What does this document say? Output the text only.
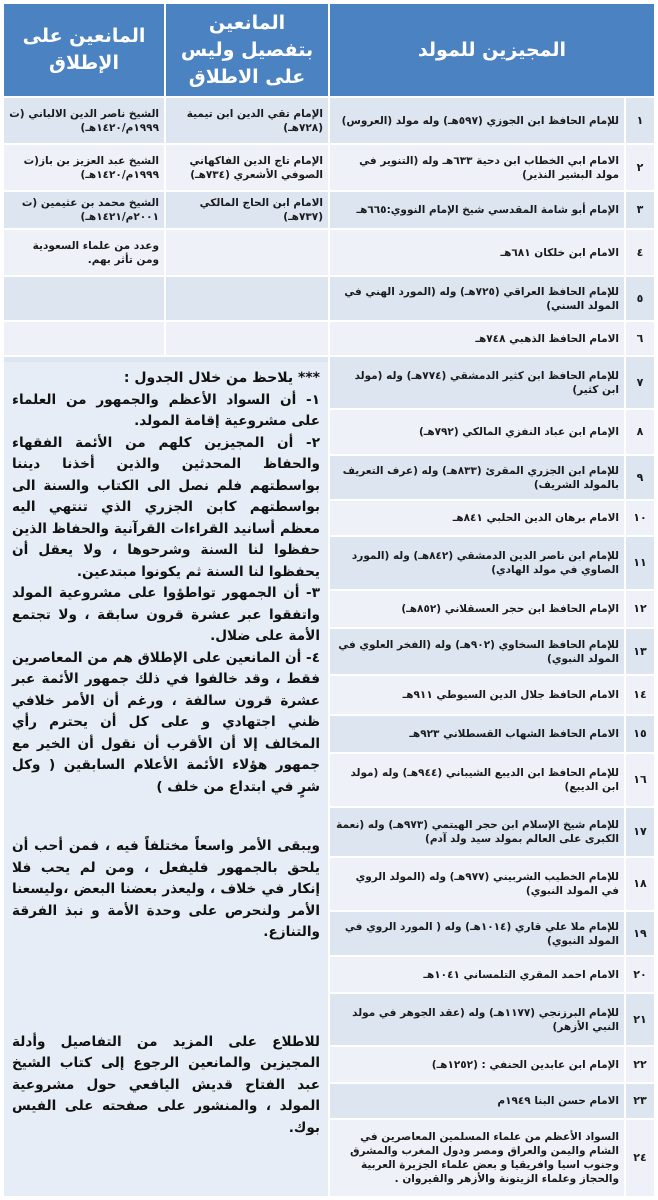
المجيزين للمولد
المانعين بتفصيل وليس على الاطلاق
المانعين على الإطلاق
١
للإمام الحافظ ابن الجوزي (٥٩٧هـ) وله مولد (العروس)
الإمام تقي الدين ابن تيمية (٧٢٨هـ)
الشيخ ناصر الدين الالباني (ت ١٩٩٩م/١٤٢٠هـ)
٢
الامام ابي الخطاب ابن دحية ٦٣٣هـ وله (التنوير في مولد البشير النذير)
الإمام تاج الدين الفاكهاني الصوفي الأشعري (٧٣٤هـ)
الشيخ عبد العزيز بن باز(ت ١٩٩٩م/١٤٢٠هـ)
٣
الإمام أبو شامة المقدسي شيخ الإمام النووي:٦٦٥هـ
الامام ابن الحاج المالكي (٧٣٧هـ)
الشيخ محمد بن عثيمين (ت ٢٠٠١م/١٤٢١هـ)
٤
الامام ابن خلكان ٦٨١هـ
وعدد من علماء السعودية ومن تأثر بهم.
٥
للإمام الحافظ العراقي (٧٢٥هـ) وله (المورد الهني في المولد السني)
٦
الامام الحافظ الذهبي ٧٤٨هـ
٧
للإمام الحافظ ابن كثير الدمشقي (٧٧٤هـ) وله (مولد ابن كثير)
٨
الإمام ابن عباد النفزي المالكي (٧٩٢هـ)
٩
للإمام ابن الجزري المقرئ (٨٣٣هـ) وله (عرف التعريف بالمولد الشريف)
١٠
الامام برهان الدين الحلبي ٨٤١هـ
١١
للإمام ابن ناصر الدين الدمشقي (٨٤٢هـ) وله (المورد الصاوي في مولد الهادي)
١٢
الإمام الحافظ ابن حجر العسقلاني (٨٥٢هـ)
١٣
للإمام الحافظ السخاوي (٩٠٢هـ) وله (الفخر العلوي في المولد النبوي)
١٤
الامام الحافظ جلال الدين السيوطي ٩١١هـ
١٥
الامام الحافظ الشهاب القسطلاني ٩٢٣هـ
١٦
للإمام الحافظ ابن الديبع الشيباني (٩٤٤هـ) وله (مولد ابن الديبع)
١٧
للإمام شيخ الإسلام ابن حجر الهيتمي (٩٧٣هـ) وله (نعمة الكبرى على العالم بمولد سيد ولد آدم)
١٨
للإمام الخطيب الشربيني (٩٧٧هـ) وله (المولد الروي في المولد النبوي)
١٩
للإمام ملا علي قاري (١٠١٤هـ) وله ( المورد الروي في المولد النبوي)
٢٠
الامام احمد المقري التلمساني ١٠٤١هـ
٢١
للإمام البرزنجي (١١٧٧هـ) وله (عقد الجوهر في مولد النبي الأزهر)
٢٢
الإمام ابن عابدين الحنفي : (١٢٥٢هـ)
٢٣
الامام حسن البنا ١٩٤٩م
٢٤
السواد الأعظم من علماء المسلمين المعاصرين في الشام واليمن والعراق ومصر ودول المغرب والمشرق وجنوب اسيا وافريقيا و بعض علماء الجزيرة العربية والحجاز وعلماء الزيتونة والأزهر والقيروان .

*** يلاحظ من خلال الجدول :

١- أن السواد الأعظم والجمهور من العلماء على مشروعية إقامة المولد.

٢- أن المجيزين كلهم من الأئمة الفقهاء والحفاظ المحدثين والذين أخذنا ديننا بواسطتهم فلم نصل الى الكتاب والسنة الى بواسطتهم كابن الجزري الذي تنتهي اليه معظم أسانيد القراءات القرآنية والحفاظ الذين حفظوا لنا السنة وشرحوها ، ولا يعقل أن يحفظوا لنا السنة ثم يكونوا مبتدعين.

٣- أن الجمهور تواطؤوا على مشروعية المولد واتفقوا عبر عشرة قرون سابقة ، ولا تجتمع الأمة على ضلال.

٤- أن المانعين على الإطلاق هم من المعاصرين فقط ، وقد خالفوا في ذلك جمهور الأئمة عبر عشرة قرون سالفة ، ورغم أن الأمر خلافي ظني اجتهادي و على كل أن يحترم رأي المخالف إلا أن الأقرب أن نقول أن الخير مع جمهور هؤلاء الأئمة الأعلام السابقين ( وكل شرٍ في ابتداع من خلف )

ويبقى الأمر واسعاً مختلفاً فيه ، فمن أحب أن يلحق بالجمهور فليفعل ، ومن لم يحب فلا إنكار في خلاف ، وليعذر بعضنا البعض ،وليسعنا الأمر ولنحرص على وحدة الأمة و نبذ الفرقة والتنازع.

للاطلاع على المزيد من التفاصيل وأدلة المجيزين والمانعين الرجوع إلى كتاب الشيخ عبد الفتاح قديش اليافعي حول مشروعية المولد ، والمنشور على صفحته على الفيس بوك.
